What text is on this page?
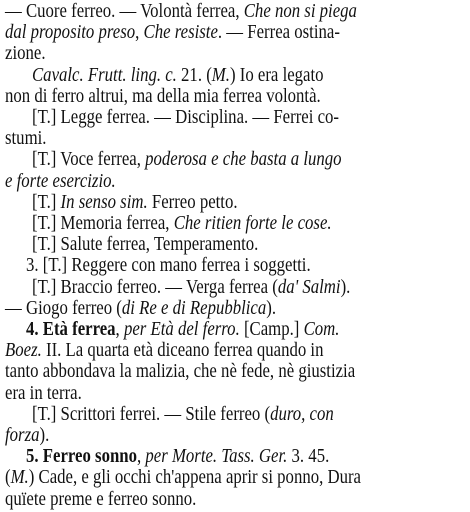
— Cuore ferreo. — Volontà ferrea, Che non si piega
dal proposito preso, Che resiste. — Ferrea ostina-
zione.
Cavalc. Frutt. ling. c. 21. (M.) Io era legato
non di ferro altrui, ma della mia ferrea volontà.
[T.] Legge ferrea. — Disciplina. — Ferrei co-
stumi.
[T.] Voce ferrea, poderosa e che basta a lungo
e forte esercizio.
[T.] In senso sim. Ferreo petto.
[T.] Memoria ferrea, Che ritien forte le cose.
[T.] Salute ferrea, Temperamento.
3. [T.] Reggere con mano ferrea i soggetti.
[T.] Braccio ferreo. — Verga ferrea (da' Salmi).
— Giogo ferreo (di Re e di Repubblica).
4. Età ferrea, per Età del ferro. [Camp.] Com.
Boez. II. La quarta età diceano ferrea quando in
tanto abbondava la malizia, che nè fede, nè giustizia
era in terra.
[T.] Scrittori ferrei. — Stile ferreo (duro, con
forza).
5. Ferreo sonno, per Morte. Tass. Ger. 3. 45.
(M.) Cade, e gli occhi ch'appena aprir si ponno, Dura
quïete preme e ferreo sonno.
